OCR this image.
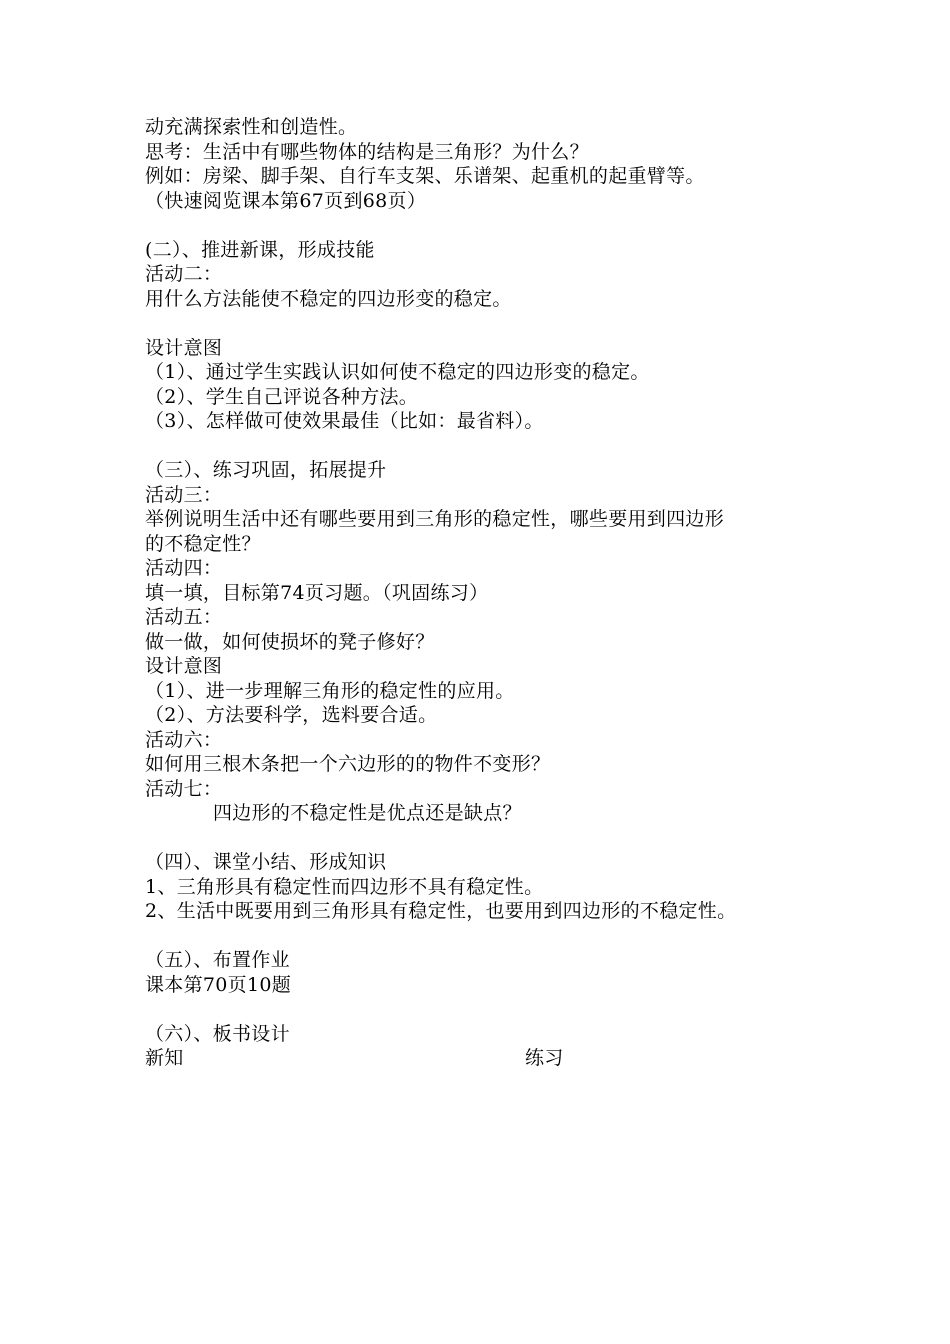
动充满探索性和创造性。
思考：生活中有哪些物体的结构是三角形？为什么？
例如：房梁、脚手架、自行车支架、乐谱架、起重机的起重臂等。
（快速阅览课本第67页到68页）
(二）、推进新课，形成技能
活动二：
用什么方法能使不稳定的四边形变的稳定。
设计意图
（1）、通过学生实践认识如何使不稳定的四边形变的稳定。
（2）、学生自己评说各种方法。
（3）、怎样做可使效果最佳（比如：最省料）。
（三）、练习巩固，拓展提升
活动三：
举例说明生活中还有哪些要用到三角形的稳定性，哪些要用到四边形
的不稳定性？
活动四：
填一填，目标第74页习题。（巩固练习）
活动五：
做一做，如何使损坏的凳子修好？
设计意图
（1）、进一步理解三角形的稳定性的应用。
（2）、方法要科学，选料要合适。
活动六：
如何用三根木条把一个六边形的的物件不变形？
活动七：
四边形的不稳定性是优点还是缺点？
（四）、课堂小结、形成知识
1、三角形具有稳定性而四边形不具有稳定性。
2、生活中既要用到三角形具有稳定性，也要用到四边形的不稳定性。
（五）、布置作业
课本第70页10题
（六）、板书设计
新知	练习
